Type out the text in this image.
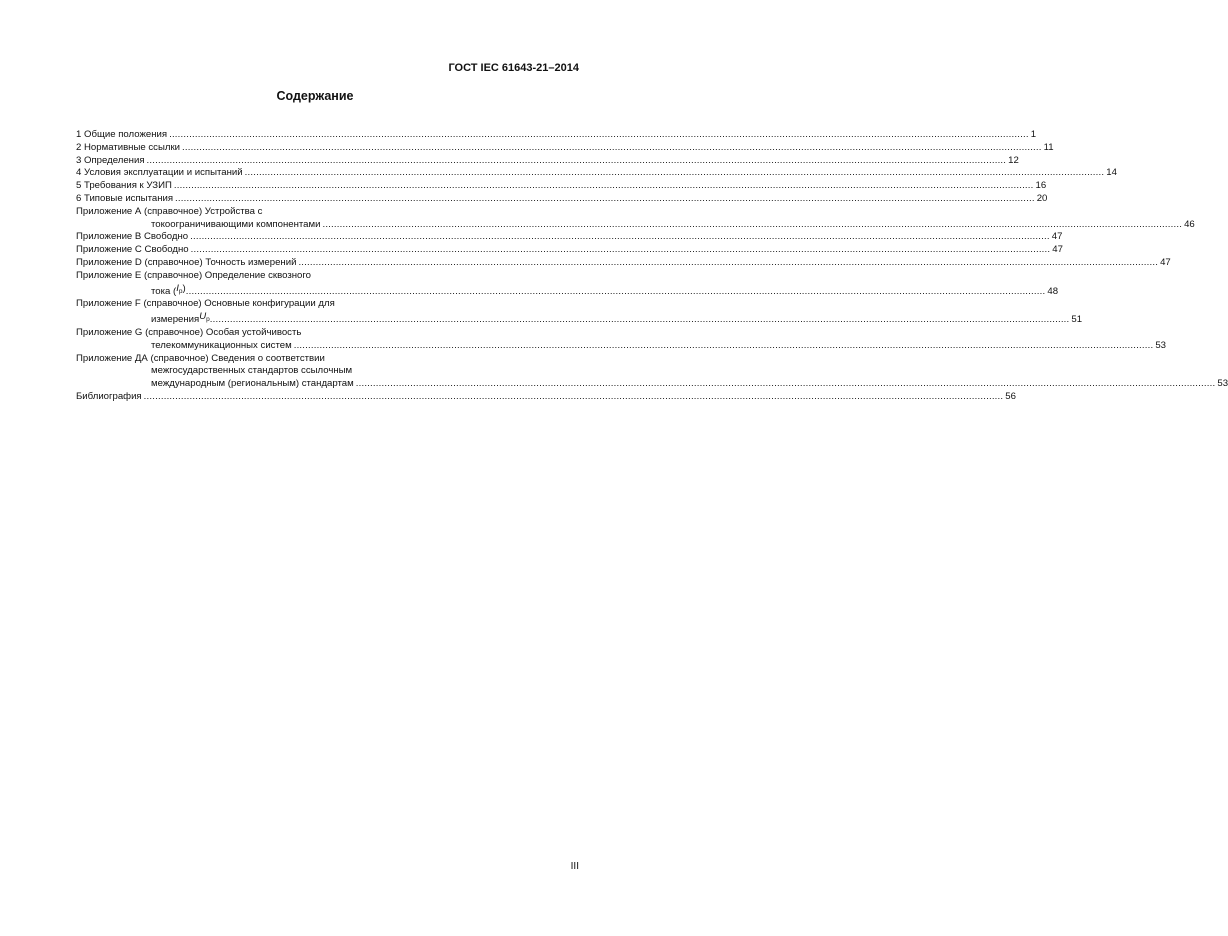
ГОСТ IEC 61643-21–2014
Содержание
1 Общие положения ............................................................................................................................................................................................................................................................................................................ 1
2 Нормативные ссылки ............................................................................................................................................................................................................................................................................................................ 11
3 Определения ............................................................................................................................................................................................................................................................................................................ 12
4 Условия эксплуатации и испытаний ............................................................................................................................................................................................................................................................................................................ 14
5 Требования к УЗИП ............................................................................................................................................................................................................................................................................................................ 16
6 Типовые испытания ............................................................................................................................................................................................................................................................................................................ 20
Приложение А (справочное) Устройства с
токоограничивающими компонентами ............................................................................................................................................................................................................................................................................................................ 46
Приложение В Свободно ............................................................................................................................................................................................................................................................................................................ 47
Приложение С Свободно ............................................................................................................................................................................................................................................................................................................ 47
Приложение D (справочное) Точность измерений ............................................................................................................................................................................................................................................................................................................ 47
Приложение Е (справочное) Определение сквозного
тока ( $I_p$) ............................................................................................................................................................................................................................................................................................................ 48
Приложение F (справочное) Основные конфигурации для
измерения $U_p$ ............................................................................................................................................................................................................................................................................................................ 51
Приложение G (справочное) Особая устойчивость
телекоммуникационных систем ............................................................................................................................................................................................................................................................................................................ 53
Приложение ДА (справочное) Сведения о соответствии
межгосударственных стандартов ссылочным
международным (региональным) стандартам ............................................................................................................................................................................................................................................................................................................ 53
Библиография ............................................................................................................................................................................................................................................................................................................ 56
III
